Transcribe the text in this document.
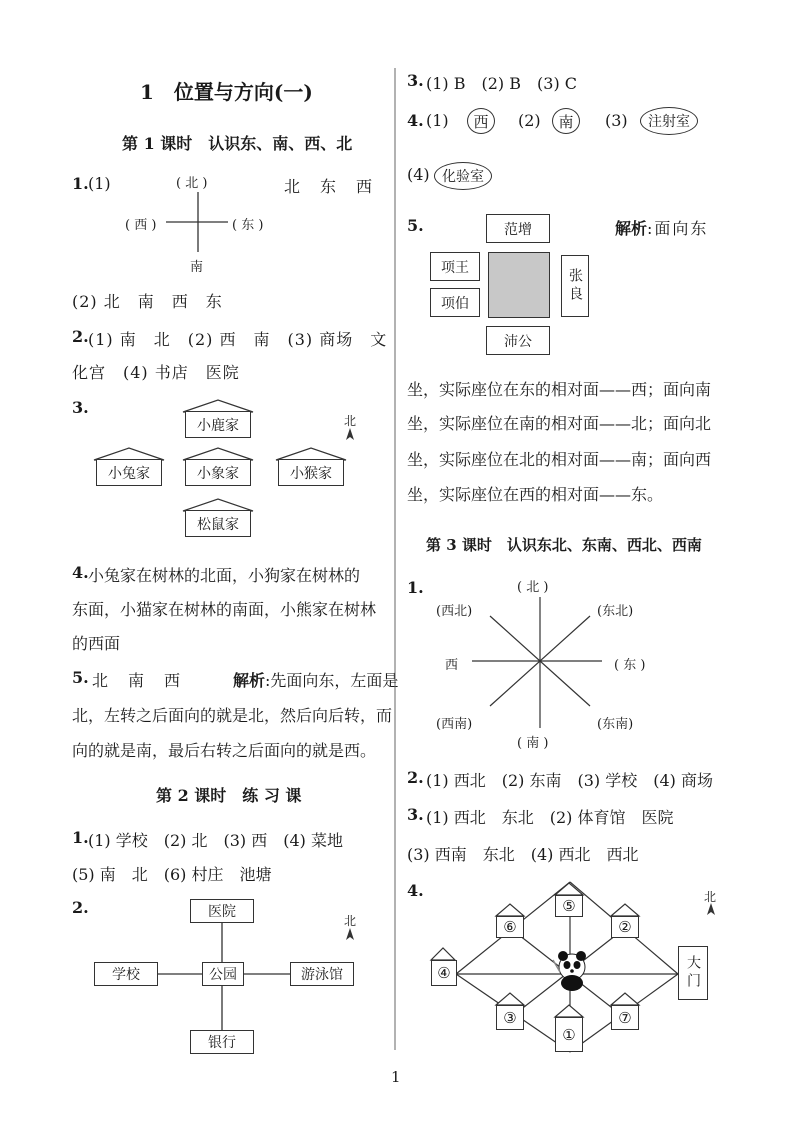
1　位置与方向(一)
第 1 课时　认识东、南、西、北
1. (1)	北　东　西
( 北 )
( 西 )	( 东 )
南
(2) 北　南　西　东
2. (1) 南　北　(2) 西　南　(3) 商场　文
化宫　(4) 书店　医院
3.
小鹿家
小兔家	小象家	小猴家
松鼠家
北
4. 小兔家在树林的北面，小狗家在树林的
东面，小猫家在树林的南面，小熊家在树林
的西面
5. 北　南　西	解析 :先面向东，左面是
北，左转之后面向的就是北，然后向后转，而
向的就是南，最后右转之后面向的就是西。
第 2 课时　练 习 课
1. (1) 学校　(2) 北　(3) 西　(4) 菜地
(5) 南　北　(6) 村庄　池塘
2.	医院
公园
学校	游泳馆
银行
北
3. (1) B　(2) B　(3) C
4. (1)	西	(2)	南	(3)	注射室
(4) 化验室
5.	范增
项王
项伯	张良
沛公
解析 :面向东
坐，实际座位在东的相对面——西；面向南
坐，实际座位在南的相对面——北；面向北
坐，实际座位在北的相对面——南；面向西
坐，实际座位在西的相对面——东。
第 3 课时　认识东北、东南、西北、西南
1.	( 北 )
(西北)	(东北)
西	( 东 )
(西南)	(东南)
( 南 )
2. (1) 西北　(2) 东南　(3) 学校　(4) 商场
3. (1) 西北　东北　(2) 体育馆　医院
(3) 西南　东北　(4) 西北　西北
4.
⑤
⑥	②
④
③
①
⑦
大门
北
1
